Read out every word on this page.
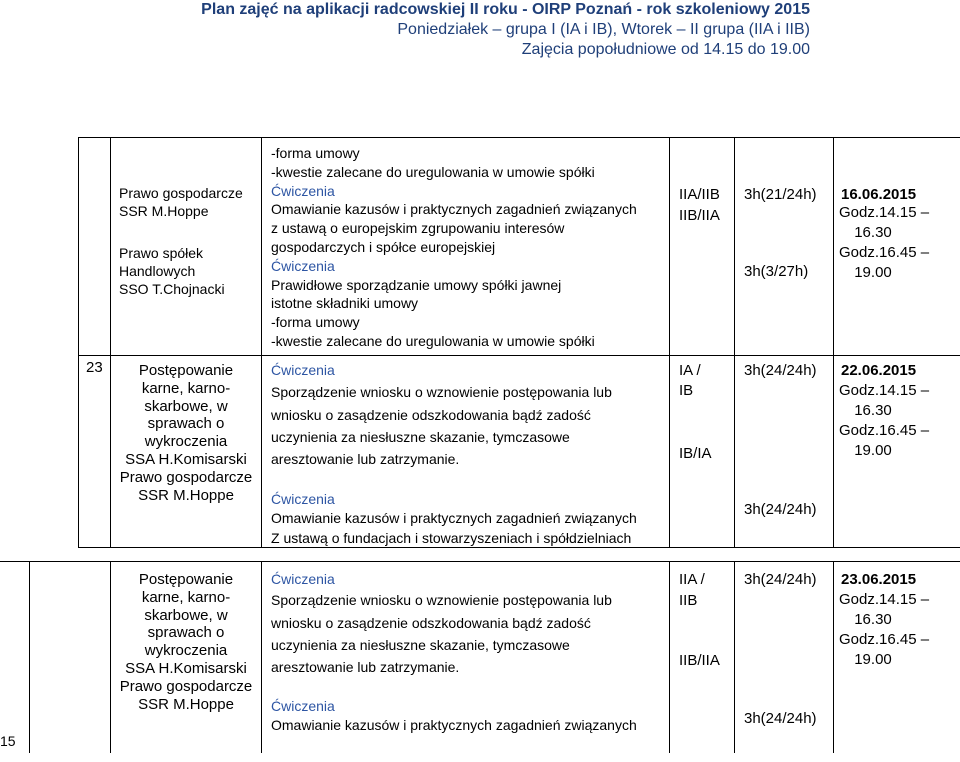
Plan zajęć na aplikacji radcowskiej II roku - OIRP Poznań - rok szkoleniowy 2015
Poniedziałek – grupa I (IA i IB), Wtorek – II grupa (IIA i IIB)
Zajęcia popołudniowe od 14.15 do 19.00
Prawo gospodarcze
SSR M.Hoppe
Prawo spółek
Handlowych
SSO T.Chojnacki
-forma umowy
-kwestie zalecane do uregulowania w umowie spółki
Ćwiczenia
Omawianie kazusów i praktycznych zagadnień związanych
z ustawą o europejskim zgrupowaniu interesów
gospodarczych i spółce europejskiej
Ćwiczenia
Prawidłowe sporządzanie umowy spółki jawnej
istotne składniki umowy
-forma umowy
-kwestie zalecane do uregulowania w umowie spółki
IIA/IIB
IIB/IIA
3h(21/24h)
3h(3/27h)
16.06.2015
Godz.14.15 –
16.30
Godz.16.45 –
19.00
23	Postępowanie
karne, karno-
skarbowe, w
sprawach o
wykroczenia
SSA H.Komisarski
Prawo gospodarcze
SSR M.Hoppe
Ćwiczenia
Sporządzenie wniosku o wznowienie postępowania lub
wniosku o zasądzenie odszkodowania bądź zadość
uczynienia za niesłuszne skazanie, tymczasowe
aresztowanie lub zatrzymanie.
Ćwiczenia
Omawianie kazusów i praktycznych zagadnień związanych
Z ustawą o fundacjach i stowarzyszeniach i spółdzielniach
IA /
IB
IB/IA
3h(24/24h)
3h(24/24h)
22.06.2015
Godz.14.15 –
16.30
Godz.16.45 –
19.00
Postępowanie
karne, karno-
skarbowe, w
sprawach o
wykroczenia
SSA H.Komisarski
Prawo gospodarcze
SSR M.Hoppe
Ćwiczenia
Sporządzenie wniosku o wznowienie postępowania lub
wniosku o zasądzenie odszkodowania bądź zadość
uczynienia za niesłuszne skazanie, tymczasowe
aresztowanie lub zatrzymanie.
Ćwiczenia
Omawianie kazusów i praktycznych zagadnień związanych
IIA /
IIB
IIB/IIA
3h(24/24h)
3h(24/24h)
23.06.2015
Godz.14.15 –
16.30
Godz.16.45 –
19.00
15
